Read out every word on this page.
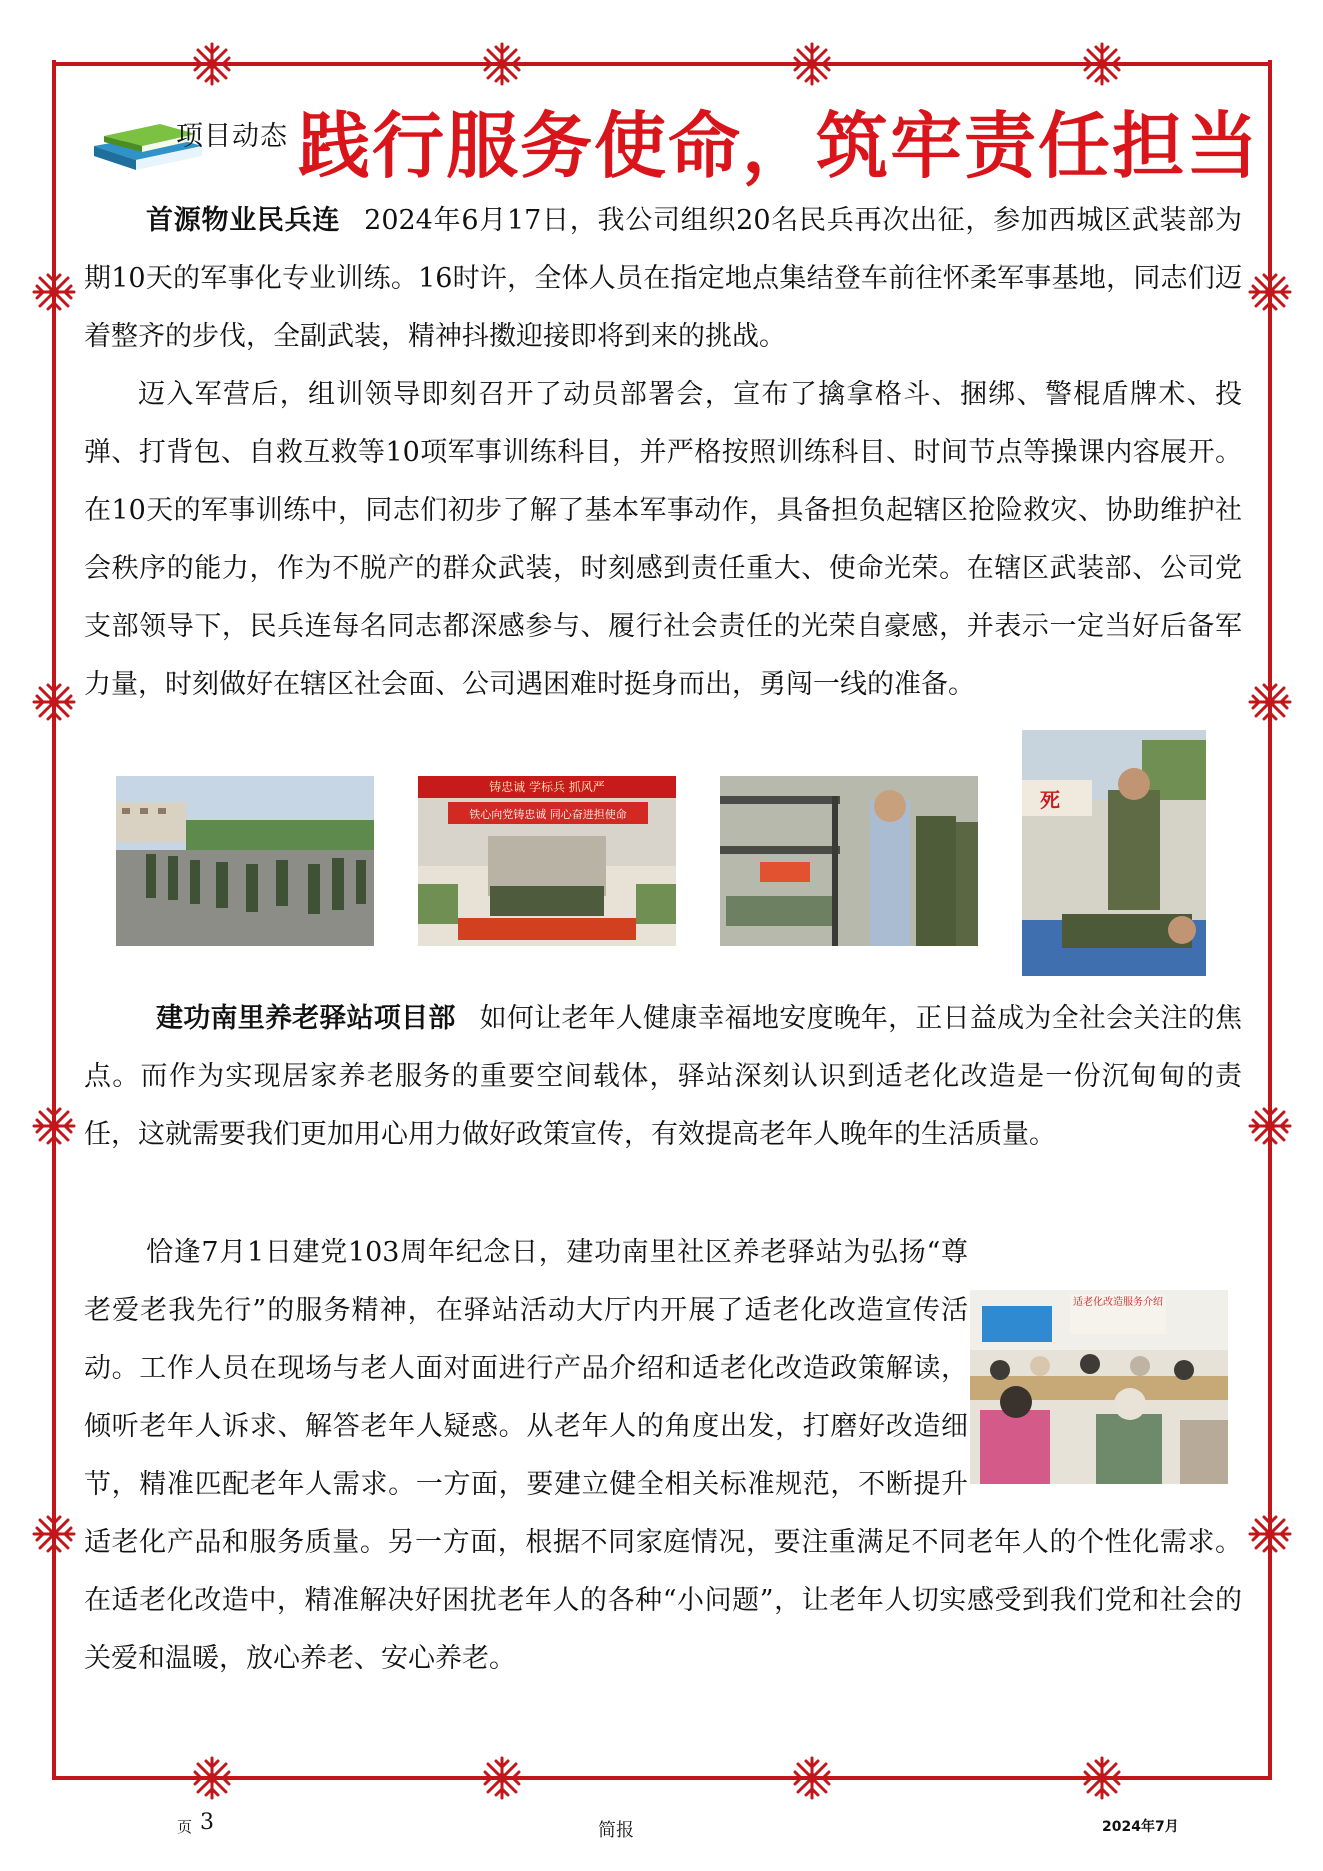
项目动态 践行服务使命，筑牢责任担当

首源物业民兵连 2024年6月17日，我公司组织20名民兵再次出征，参加西城区武装部为期10天的军事化专业训练。16时许，全体人员在指定地点集结登车前往怀柔军事基地，同志们迈着整齐的步伐，全副武装，精神抖擞迎接即将到来的挑战。

迈入军营后，组训领导即刻召开了动员部署会，宣布了擒拿格斗、捆绑、警棍盾牌术、投弹、打背包、自救互救等10项军事训练科目，并严格按照训练科目、时间节点等操课内容展开。在10天的军事训练中，同志们初步了解了基本军事动作，具备担负起辖区抢险救灾、协助维护社会秩序的能力，作为不脱产的群众武装，时刻感到责任重大、使命光荣。在辖区武装部、公司党支部领导下，民兵连每名同志都深感参与、履行社会责任的光荣自豪感，并表示一定当好后备军力量，时刻做好在辖区社会面、公司遇困难时挺身而出，勇闯一线的准备。

铸忠诚 学标兵 抓风严
铁心向党铸忠诚 同心奋进担使命
死

建功南里养老驿站项目部 如何让老年人健康幸福地安度晚年，正日益成为全社会关注的焦点。而作为实现居家养老服务的重要空间载体，驿站深刻认识到适老化改造是一份沉甸甸的责任，这就需要我们更加用心用力做好政策宣传，有效提高老年人晚年的生活质量。

恰逢7月1日建党103周年纪念日，建功南里社区养老驿站为弘扬“尊老爱老我先行”的服务精神，在驿站活动大厅内开展了适老化改造宣传活动。工作人员在现场与老人面对面进行产品介绍和适老化改造政策解读，倾听老年人诉求、解答老年人疑惑。从老年人的角度出发，打磨好改造细节，精准匹配老年人需求。一方面，要建立健全相关标准规范，不断提升适老化产品和服务质量。另一方面，根据不同家庭情况，要注重满足不同老年人的个性化需求。在适老化改造中，精准解决好困扰老年人的各种“小问题”，让老年人切实感受到我们党和社会的关爱和温暖，放心养老、安心养老。

适老化改造服务介绍
页 3	简报	2024年7月
